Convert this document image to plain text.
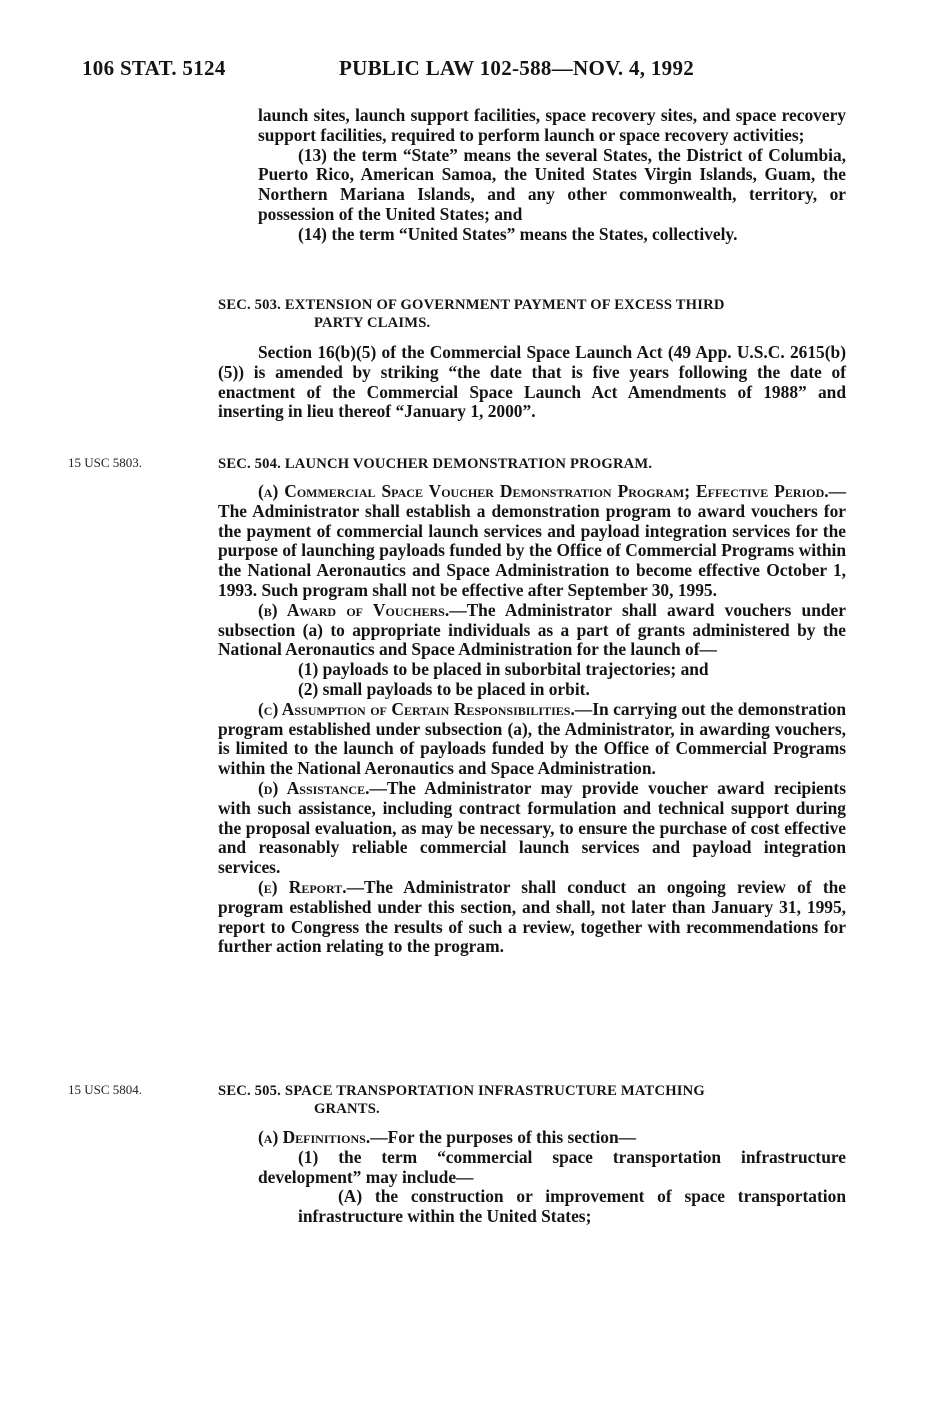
106 STAT. 5124	PUBLIC LAW 102-588—NOV. 4, 1992

launch sites, launch support facilities, space recovery sites, and space recovery support facilities, required to perform launch or space recovery activities;

(13) the term “State” means the several States, the District of Columbia, Puerto Rico, American Samoa, the United States Virgin Islands, Guam, the Northern Mariana Islands, and any other commonwealth, territory, or possession of the United States; and

(14) the term “United States” means the States, collectively.

SEC. 503. EXTENSION OF GOVERNMENT PAYMENT OF EXCESS THIRD
PARTY CLAIMS.

Section 16(b)(5) of the Commercial Space Launch Act (49 App. U.S.C. 2615(b)(5)) is amended by striking “the date that is five years following the date of enactment of the Commercial Space Launch Act Amendments of 1988” and inserting in lieu thereof “January 1, 2000”.

15 USC 5803.	SEC. 504. LAUNCH VOUCHER DEMONSTRATION PROGRAM.

(a) Commercial Space Voucher Demonstration Program; Effective Period.—The Administrator shall establish a demonstration program to award vouchers for the payment of commercial launch services and payload integration services for the purpose of launching payloads funded by the Office of Commercial Programs within the National Aeronautics and Space Administration to become effective October 1, 1993. Such program shall not be effective after September 30, 1995.

(b) Award of Vouchers.—The Administrator shall award vouchers under subsection (a) to appropriate individuals as a part of grants administered by the National Aeronautics and Space Administration for the launch of—

(1) payloads to be placed in suborbital trajectories; and

(2) small payloads to be placed in orbit.

(c) Assumption of Certain Responsibilities.—In carrying out the demonstration program established under subsection (a), the Administrator, in awarding vouchers, is limited to the launch of payloads funded by the Office of Commercial Programs within the National Aeronautics and Space Administration.

(d) Assistance.—The Administrator may provide voucher award recipients with such assistance, including contract formulation and technical support during the proposal evaluation, as may be necessary, to ensure the purchase of cost effective and reasonably reliable commercial launch services and payload integration services.

(e) Report.—The Administrator shall conduct an ongoing review of the program established under this section, and shall, not later than January 31, 1995, report to Congress the results of such a review, together with recommendations for further action relating to the program.

15 USC 5804.	SEC. 505. SPACE TRANSPORTATION INFRASTRUCTURE MATCHING
GRANTS.

(a) Definitions.—For the purposes of this section—

(1) the term “commercial space transportation infrastructure development” may include—

(A) the construction or improvement of space transportation infrastructure within the United States;
